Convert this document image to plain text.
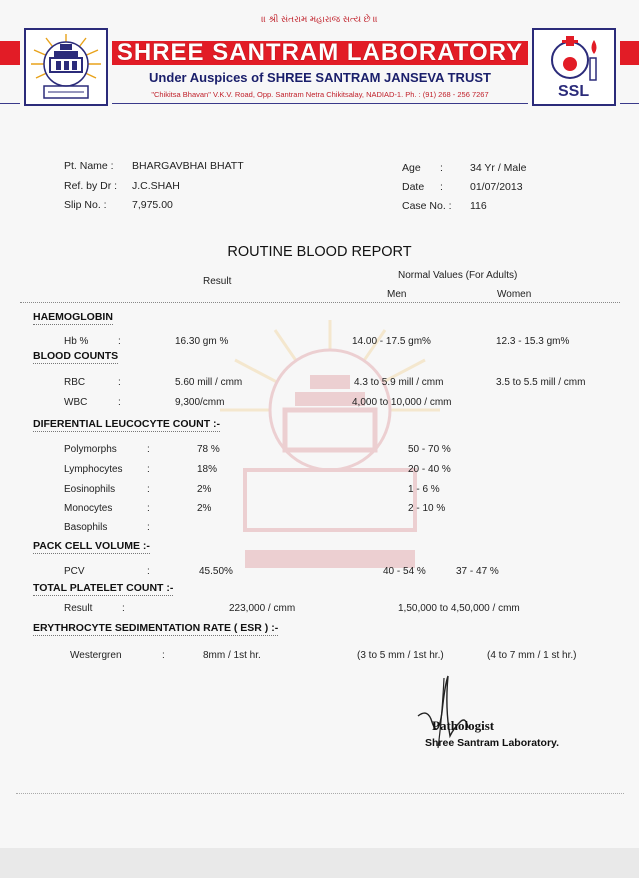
॥ શ્રી સંતરામ મહારાજ સત્ય છે ॥
SSL
SHREE SANTRAM LABORATORY
Under Auspices of SHREE SANTRAM JANSEVA TRUST
"Chikitsa Bhavan" V.K.V. Road, Opp. Santram Netra Chikitsalay, NADIAD-1. Ph. : (91) 268 - 256 7267
Pt. Name : BHARGAVBHAI BHATT
Ref. by Dr : J.C.SHAH
Slip No. : 7,975.00
Age :	34 Yr / Male
Date :	01/07/2013
Case No. : 116
ROUTINE BLOOD REPORT
Result
Normal Values (For Adults)
Men	Women
HAEMOGLOBIN
Hb %	:	16.30 gm %	14.00 - 17.5 gm%	12.3 - 15.3 gm%
BLOOD COUNTS
RBC	:	5.60 mill / cmm	4.3 to 5.9 mill / cmm	3.5 to 5.5 mill / cmm
WBC	:	9,300/cmm	4,000 to 10,000 / cmm
DIFERENTIAL LEUCOCYTE COUNT :-
Polymorphs	:	78 %	50 - 70 %
Lymphocytes :	18%	20 - 40 %
Eosinophils	:	2%	1 - 6 %
Monocytes	:	2%	2 - 10 %
Basophils	:
PACK CELL VOLUME :-
PCV	:	45.50%	40 - 54 %	37 - 47 %
TOTAL PLATELET COUNT :-
Result	:	223,000 / cmm	1,50,000 to 4,50,000 / cmm
ERYTHROCYTE SEDIMENTATION RATE ( ESR ) :-
Westergren	:	8mm / 1st hr.	(3 to 5 mm / 1st hr.)	(4 to 7 mm / 1 st hr.)
Pathologist
Shree Santram Laboratory.
